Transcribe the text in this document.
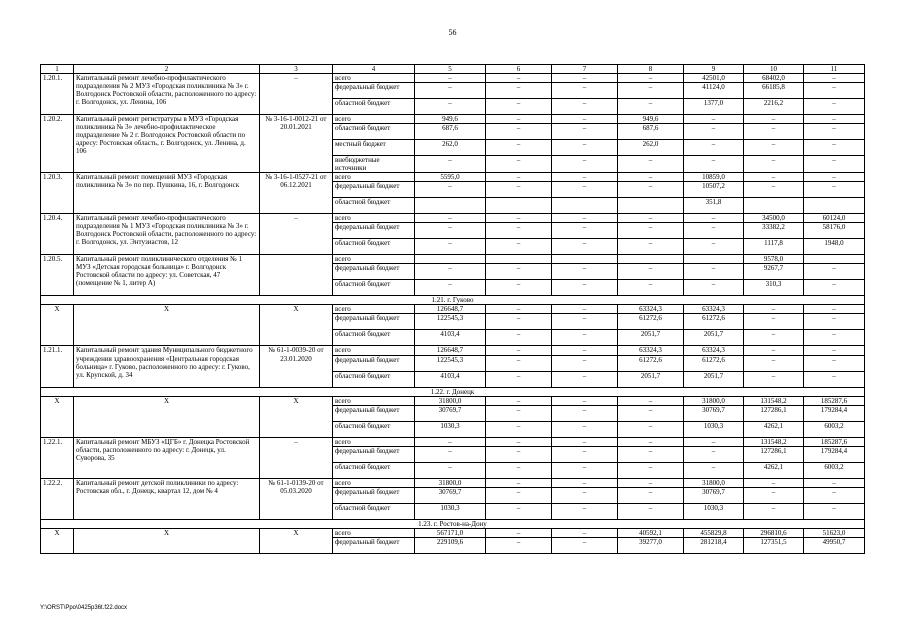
56
1	2	3	4	5	6	7	8	9	10	11
1.20.1.	Капитальный ремонт лечебно-профилактического подразделения № 2 МУЗ «Городская поликлиника № 3» г. Волгодонск Ростовской области, расположенного по адресу: г. Волгодонск, ул. Ленина, 106	–	всего	–	–	–	–	42501,0	68402,0	–
			федеральный бюджет	–	–	–	–	41124,0	66185,8	–
			областной бюджет	–	–	–	–	1377,0	2216,2	–
1.20.2.	Капитальный ремонт регистратуры в МУЗ «Городская поликлиника № 3» лечебно-профилактическое подразделение № 2 г. Волгодонск Ростовской области по адресу: Ростовская область, г. Волгодонск, ул. Ленина, д. 106	№ 3-16-1-0012-21 от 20.01.2021	всего	949,6	–	–	949,6	–	–	–
			областной бюджет	687,6	–	–	687,6	–	–	–
			местный бюджет	262,0	–	–	262,0	–	–	–
			внебюджетные источники	–	–	–	–	–	–	–
1.20.3.	Капитальный ремонт помещений МУЗ «Городская поликлиника № 3» по пер. Пушкина, 16, г. Волгодонск	№ 3-16-1-0527-21 от 06.12.2021	всего	5595,0	–	–	–	10859,0	–	–
			федеральный бюджет	–	–	–	–	10507,2	–	–
			областной бюджет					351,8		
1.20.4.	Капитальный ремонт лечебно-профилактического подразделения № 1 МУЗ «Городская поликлиника № 3» г. Волгодонск Ростовской области, расположенного по адресу: г. Волгодонск, ул. Энтузиастов, 12	–	всего	–	–	–	–	–	34500,0	60124,0
			федеральный бюджет	–	–	–	–	–	33382,2	58176,0
			областной бюджет	–	–	–	–	–	1117,8	1948,0
1.20.5.	Капитальный ремонт поликлинического отделения № 1 МУЗ «Детская городская больница» г. Волгодонск Ростовской области по адресу: ул. Советская, 47 (помещение № 1, литер А)		всего						9578,0	
			федеральный бюджет	–	–	–	–	–	9267,7	–
			областной бюджет	–	–	–	–	–	310,3	–
1.21. г. Гуково										
Х	Х	Х	всего	126648,7	–	–	63324,3	63324,3	–	–
			федеральный бюджет	122545,3	–	–	61272,6	61272,6	–	–
			областной бюджет	4103,4	–	–	2051,7	2051,7	–	–
1.21.1.	Капитальный ремонт здания Муниципального бюджетного учреждения здравоохранения «Центральная городская больница» г. Гуково, расположенного по адресу: г. Гуково, ул. Крупской, д. 34	№ 61-1-0039-20 от 23.01.2020	всего	126648,7	–	–	63324,3	63324,3	–	–
			федеральный бюджет	122545,3	–	–	61272,6	61272,6	–	–
			областной бюджет	4103,4	–	–	2051,7	2051,7	–	–
1.22. г. Донецк										
Х	Х	Х	всего	31800,0	–	–	–	31800,0	131548,2	185287,6
			федеральный бюджет	30769,7	–	–	–	30769,7	127286,1	179284,4
			областной бюджет	1030,3	–	–	–	1030,3	4262,1	6003,2
1.22.1.	Капитальный ремонт МБУЗ «ЦГБ» г. Донецка Ростовской области, расположенного по адресу: г. Донецк, ул. Суворова, 35	–	всего	–	–	–	–	–	131548,2	185287,6
			федеральный бюджет	–	–	–	–	–	127286,1	179284,4
			областной бюджет	–	–	–	–	–	4262,1	6003,2
1.22.2.	Капитальный ремонт детской поликлиники по адресу: Ростовская обл., г. Донецк, квартал 12, дом № 4	№ 61-1-0139-20 от 05.03.2020	всего	31800,0	–	–	–	31800,0	–	–
			федеральный бюджет	30769,7	–	–	–	30769,7	–	–
			областной бюджет	1030,3	–	–	–	1030,3	–	–
1.23. г. Ростов-на-Дону										
Х	Х	Х	всего	567171,0	–	–	40592,1	455829,8	296810,6	51623,0
			федеральный бюджет	229109,6	–	–	39277,0	281218,4	127351,5	49950,7
Y:\ORST\Ppo\0425p36t.f22.docx
